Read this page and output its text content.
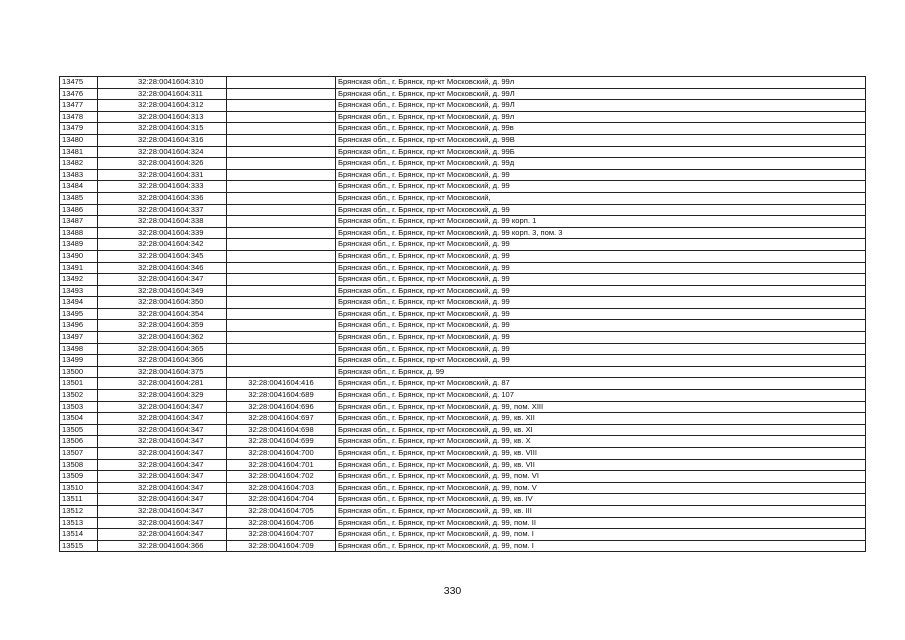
13475	32:28:0041604:310		Брянская обл., г. Брянск, пр-кт Московский, д. 99л
13476	32:28:0041604:311		Брянская обл., г. Брянск, пр-кт Московский, д. 99Л
13477	32:28:0041604:312		Брянская обл., г. Брянск, пр-кт Московский, д. 99Л
13478	32:28:0041604:313		Брянская обл., г. Брянск, пр-кт Московский, д. 99л
13479	32:28:0041604:315		Брянская обл., г. Брянск, пр-кт Московский, д. 99в
13480	32:28:0041604:316		Брянская обл., г. Брянск, пр-кт Московский, д. 99В
13481	32:28:0041604:324		Брянская обл., г. Брянск, пр-кт Московский, д. 99Б
13482	32:28:0041604:326		Брянская обл., г. Брянск, пр-кт Московский, д. 99д
13483	32:28:0041604:331		Брянская обл., г. Брянск, пр-кт Московский, д. 99
13484	32:28:0041604:333		Брянская обл., г. Брянск, пр-кт Московский, д. 99
13485	32:28:0041604:336		Брянская обл., г. Брянск, пр-кт Московский,
13486	32:28:0041604:337		Брянская обл., г. Брянск, пр-кт Московский, д. 99
13487	32:28:0041604:338		Брянская обл., г. Брянск, пр-кт Московский, д. 99 корп. 1
13488	32:28:0041604:339		Брянская обл., г. Брянск, пр-кт Московский, д. 99 корп. 3, пом. 3
13489	32:28:0041604:342		Брянская обл., г. Брянск, пр-кт Московский, д. 99
13490	32:28:0041604:345		Брянская обл., г. Брянск, пр-кт Московский, д. 99
13491	32:28:0041604:346		Брянская обл., г. Брянск, пр-кт Московский, д. 99
13492	32:28:0041604:347		Брянская обл., г. Брянск, пр-кт Московский, д. 99
13493	32:28:0041604:349		Брянская обл., г. Брянск, пр-кт Московский, д. 99
13494	32:28:0041604:350		Брянская обл., г. Брянск, пр-кт Московский, д. 99
13495	32:28:0041604:354		Брянская обл., г. Брянск, пр-кт Московский, д. 99
13496	32:28:0041604:359		Брянская обл., г. Брянск, пр-кт Московский, д. 99
13497	32:28:0041604:362		Брянская обл., г. Брянск, пр-кт Московский, д. 99
13498	32:28:0041604:365		Брянская обл., г. Брянск, пр-кт Московский, д. 99
13499	32:28:0041604:366		Брянская обл., г. Брянск, пр-кт Московский, д. 99
13500	32:28:0041604:375		Брянская обл., г. Брянск, д. 99
13501	32:28:0041604:281	32:28:0041604:416	Брянская обл., г. Брянск, пр-кт Московский, д. 87
13502	32:28:0041604:329	32:28:0041604:689	Брянская обл., г. Брянск, пр-кт Московский, д. 107
13503	32:28:0041604:347	32:28:0041604:696	Брянская обл., г. Брянск, пр-кт Московский, д. 99, пом. XIII
13504	32:28:0041604:347	32:28:0041604:697	Брянская обл., г. Брянск, пр-кт Московский, д. 99, кв. XII
13505	32:28:0041604:347	32:28:0041604:698	Брянская обл., г. Брянск, пр-кт Московский, д. 99, кв. XI
13506	32:28:0041604:347	32:28:0041604:699	Брянская обл., г. Брянск, пр-кт Московский, д. 99, кв. X
13507	32:28:0041604:347	32:28:0041604:700	Брянская обл., г. Брянск, пр-кт Московский, д. 99, кв. VIII
13508	32:28:0041604:347	32:28:0041604:701	Брянская обл., г. Брянск, пр-кт Московский, д. 99, кв. VII
13509	32:28:0041604:347	32:28:0041604:702	Брянская обл., г. Брянск, пр-кт Московский, д. 99, пом. VI
13510	32:28:0041604:347	32:28:0041604:703	Брянская обл., г. Брянск, пр-кт Московский, д. 99, пом. V
13511	32:28:0041604:347	32:28:0041604:704	Брянская обл., г. Брянск, пр-кт Московский, д. 99, кв. IV
13512	32:28:0041604:347	32:28:0041604:705	Брянская обл., г. Брянск, пр-кт Московский, д. 99, кв. III
13513	32:28:0041604:347	32:28:0041604:706	Брянская обл., г. Брянск, пр-кт Московский, д. 99, пом. II
13514	32:28:0041604:347	32:28:0041604:707	Брянская обл., г. Брянск, пр-кт Московский, д. 99, пом. I
13515	32:28:0041604:366	32:28:0041604:709	Брянская обл., г. Брянск, пр-кт Московский, д. 99, пом. I
330
